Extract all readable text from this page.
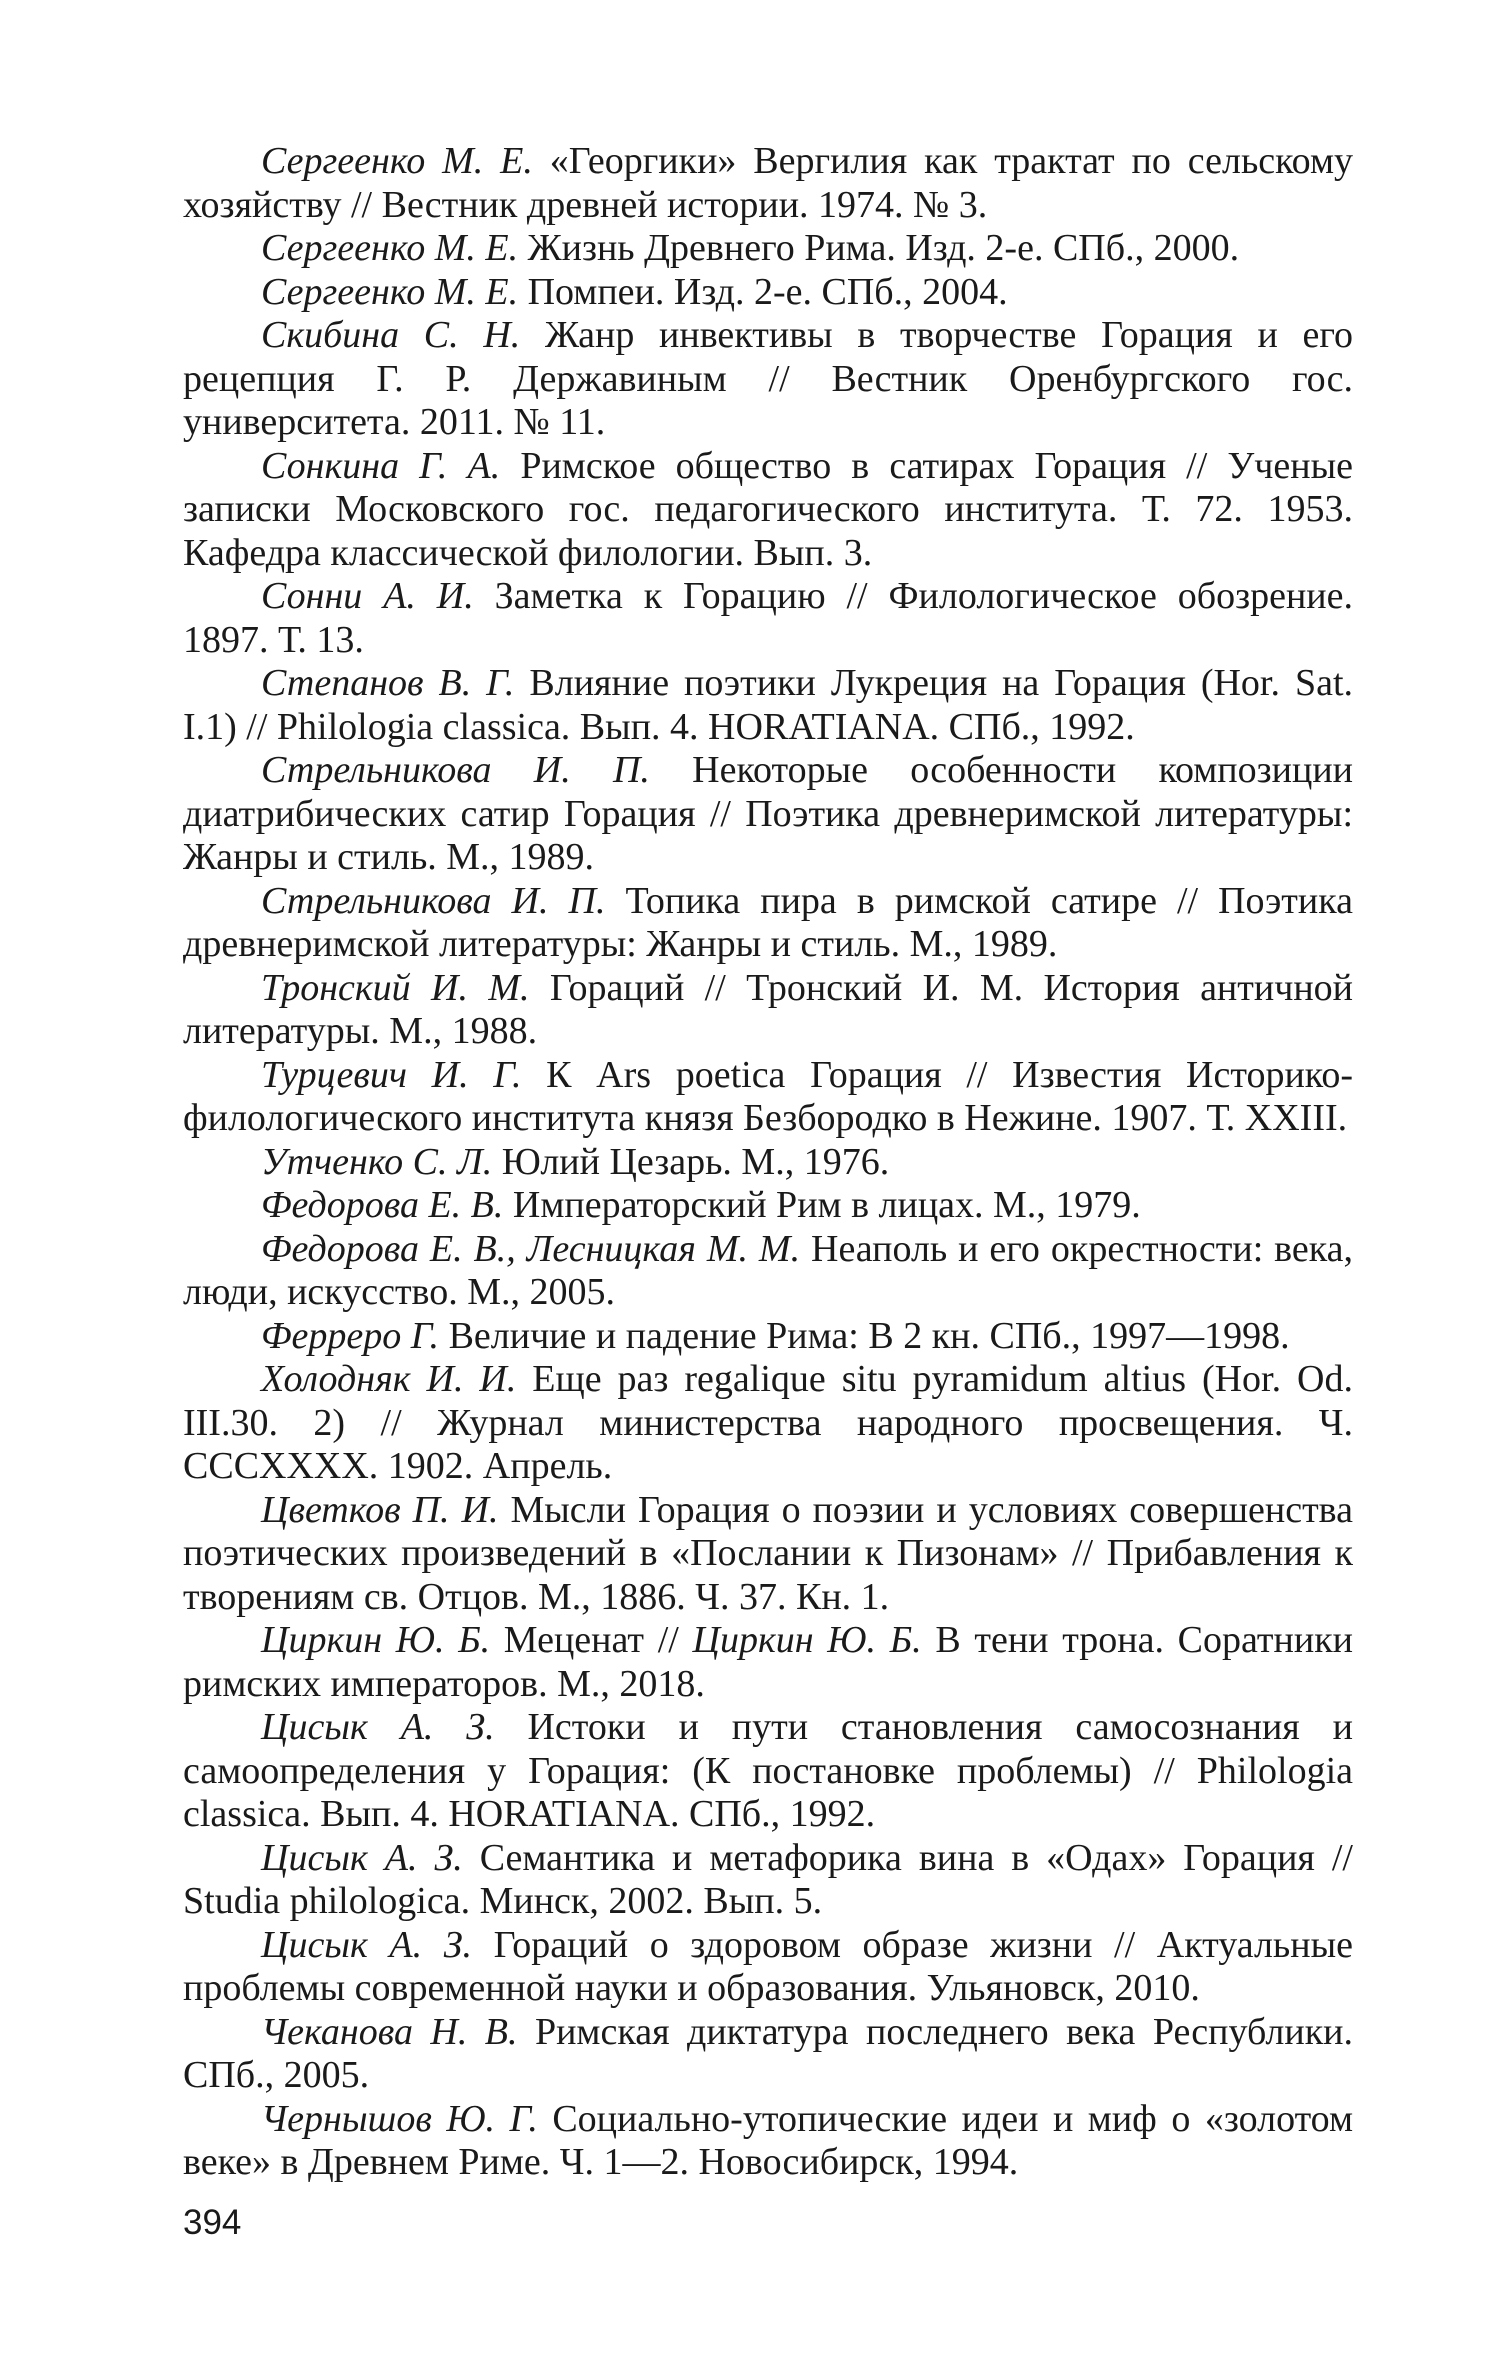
Сергеенко М. Е. «Георгики» Вергилия как трактат по сельскому хозяйству // Вестник древней истории. 1974. № 3.

Сергеенко М. Е. Жизнь Древнего Рима. Изд. 2-е. СПб., 2000.

Сергеенко М. Е. Помпеи. Изд. 2-е. СПб., 2004.

Скибина С. Н. Жанр инвективы в творчестве Горация и его рецепция Г. Р. Державиным // Вестник Оренбургского гос. университета. 2011. № 11.

Сонкина Г. А. Римское общество в сатирах Горация // Ученые записки Московского гос. педагогического института. Т. 72. 1953. Кафедра классической филологии. Вып. 3.

Сонни А. И. Заметка к Горацию // Филологическое обозрение. 1897. Т. 13.

Степанов В. Г. Влияние поэтики Лукреция на Горация (Hor. Sat. I.1) // Philologia classica. Вып. 4. HORATIANA. СПб., 1992.

Стрельникова И. П. Некоторые особенности композиции диатрибических сатир Горация // Поэтика древнеримской литературы: Жанры и стиль. М., 1989.

Стрельникова И. П. Топика пира в римской сатире // Поэтика древнеримской литературы: Жанры и стиль. М., 1989.

Тронский И. М. Гораций // Тронский И. М. История античной литературы. М., 1988.

Турцевич И. Г. К Ars poetica Горация // Известия Историко-филологического института князя Безбородко в Нежине. 1907. Т. XXIII.

Утченко С. Л. Юлий Цезарь. М., 1976.

Федорова Е. В. Императорский Рим в лицах. М., 1979.

Федорова Е. В., Лесницкая М. М. Неаполь и его окрестности: века, люди, искусство. М., 2005.

Ферреро Г. Величие и падение Рима: В 2 кн. СПб., 1997—1998.

Холодняк И. И. Еще раз regalique situ pyramidum altius (Hor. Od. III.30. 2) // Журнал министерства народного просвещения. Ч. CCCXXXX. 1902. Апрель.

Цветков П. И. Мысли Горация о поэзии и условиях совершенства поэтических произведений в «Послании к Пизонам» // Прибавления к творениям св. Отцов. М., 1886. Ч. 37. Кн. 1.

Циркин Ю. Б. Меценат // Циркин Ю. Б. В тени трона. Соратники римских императоров. М., 2018.

Цисык А. З. Истоки и пути становления самосознания и самоопределения у Горация: (К постановке проблемы) // Philologia classica. Вып. 4. HORATIANA. СПб., 1992.

Цисык А. З. Семантика и метафорика вина в «Одах» Горация // Studia philologica. Минск, 2002. Вып. 5.

Цисык А. З. Гораций о здоровом образе жизни // Актуальные проблемы современной науки и образования. Ульяновск, 2010.

Чеканова Н. В. Римская диктатура последнего века Республики. СПб., 2005.

Чернышов Ю. Г. Социально-утопические идеи и миф о «золотом веке» в Древнем Риме. Ч. 1—2. Новосибирск, 1994.

394
